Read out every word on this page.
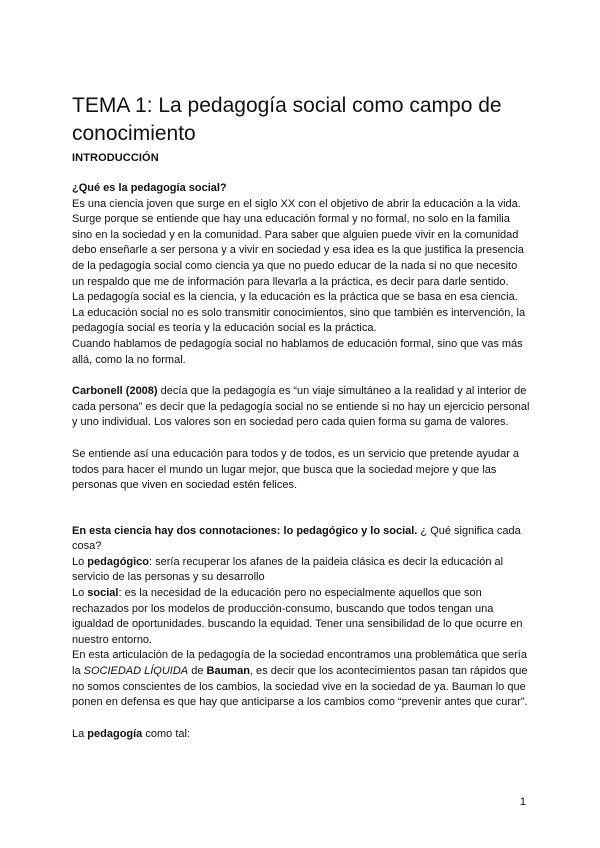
TEMA 1: La pedagogía social como campo de conocimiento

INTRODUCCIÓN

¿Qué es la pedagogía social?

Es una ciencia joven que surge en el siglo XX con el objetivo de abrir la educación a la vida. Surge porque se entiende que hay una educación formal y no formal, no solo en la familia sino en la sociedad y en la comunidad. Para saber que alguien puede vivir en la comunidad debo enseñarle a ser persona y a vivir en sociedad y esa idea es la que justifica la presencia de la pedagogía social como ciencia ya que no puedo educar de la nada si no que necesito un respaldo que me de información para llevarla a la práctica, es decir para darle sentido.

La pedagogía social es la ciencia, y la educación es la práctica que se basa en esa ciencia.

La educación social no es solo transmitir conocimientos, sino que también es intervención, la pedagogía social es teoría y la educación social es la práctica.

Cuando hablamos de pedagogía social no hablamos de educación formal, sino que vas más allá, como la no formal.

Carbonell (2008) decía que la pedagogía es “un viaje simultáneo a la realidad y al interior de cada persona” es decir que la pedagogía social no se entiende si no hay un ejercicio personal y uno individual. Los valores son en sociedad pero cada quien forma su gama de valores.

Se entiende así una educación para todos y de todos, es un servicio que pretende ayudar a todos para hacer el mundo un lugar mejor, que busca que la sociedad mejore y que las personas que viven en sociedad estén felices.

En esta ciencia hay dos connotaciones: lo pedagógico y lo social. ¿ Qué significa cada cosa?

Lo pedagógico: sería recuperar los afanes de la paideia clásica es decir la educación al servicio de las personas y su desarrollo

Lo social: es la necesidad de la educación pero no especialmente aquellos que son rechazados por los modelos de producción-consumo, buscando que todos tengan una igualdad de oportunidades. buscando la equidad. Tener una sensibilidad de lo que ocurre en nuestro entorno.

En esta articulación de la pedagogía de la sociedad encontramos una problemática que sería la SOCIEDAD LÍQUIDA de Bauman, es decir que los acontecimientos pasan tan rápidos que no somos conscientes de los cambios, la sociedad vive en la sociedad de ya. Bauman lo que ponen en defensa es que hay que anticiparse a los cambios como “prevenir antes que curar”.

La pedagogía como tal:

1
